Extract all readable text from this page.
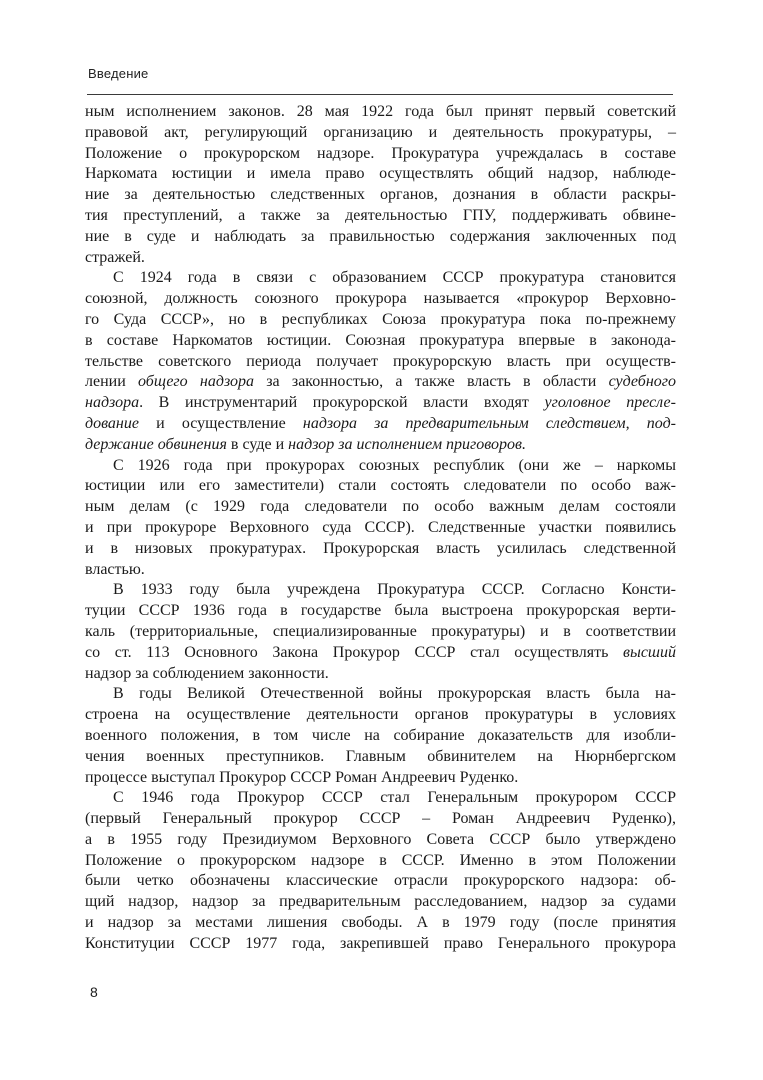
Введение
ным исполнением законов. 28 мая 1922 года был принят первый советский
правовой акт, регулирующий организацию и деятельность прокуратуры, –
Положение о прокурорском надзоре. Прокуратура учреждалась в составе
Наркомата юстиции и имела право осуществлять общий надзор, наблюде-
ние за деятельностью следственных органов, дознания в области раскры-
тия преступлений, а также за деятельностью ГПУ, поддерживать обвине-
ние в суде и наблюдать за правильностью содержания заключенных под
стражей.
С 1924 года в связи с образованием СССР прокуратура становится
союзной, должность союзного прокурора называется «прокурор Верховно-
го Суда СССР», но в республиках Союза прокуратура пока по-прежнему
в составе Наркоматов юстиции. Союзная прокуратура впервые в законода-
тельстве советского периода получает прокурорскую власть при осуществ-
лении общего надзора за законностью, а также власть в области судебного
надзора. В инструментарий прокурорской власти входят уголовное пресле-
дование и осуществление надзора за предварительным следствием, под-
держание обвинения в суде и надзор за исполнением приговоров.
С 1926 года при прокурорах союзных республик (они же – наркомы
юстиции или его заместители) стали состоять следователи по особо важ-
ным делам (с 1929 года следователи по особо важным делам состояли
и при прокуроре Верховного суда СССР). Следственные участки появились
и в низовых прокуратурах. Прокурорская власть усилилась следственной
властью.
В 1933 году была учреждена Прокуратура СССР. Согласно Консти-
туции СССР 1936 года в государстве была выстроена прокурорская верти-
каль (территориальные, специализированные прокуратуры) и в соответствии
со ст. 113 Основного Закона Прокурор СССР стал осуществлять высший
надзор за соблюдением законности.
В годы Великой Отечественной войны прокурорская власть была на-
строена на осуществление деятельности органов прокуратуры в условиях
военного положения, в том числе на собирание доказательств для изобли-
чения военных преступников. Главным обвинителем на Нюрнбергском
процессе выступал Прокурор СССР Роман Андреевич Руденко.
С 1946 года Прокурор СССР стал Генеральным прокурором СССР
(первый Генеральный прокурор СССР – Роман Андреевич Руденко),
а в 1955 году Президиумом Верховного Совета СССР было утверждено
Положение о прокурорском надзоре в СССР. Именно в этом Положении
были четко обозначены классические отрасли прокурорского надзора: об-
щий надзор, надзор за предварительным расследованием, надзор за судами
и надзор за местами лишения свободы. А в 1979 году (после принятия
Конституции СССР 1977 года, закрепившей право Генерального прокурора
8
